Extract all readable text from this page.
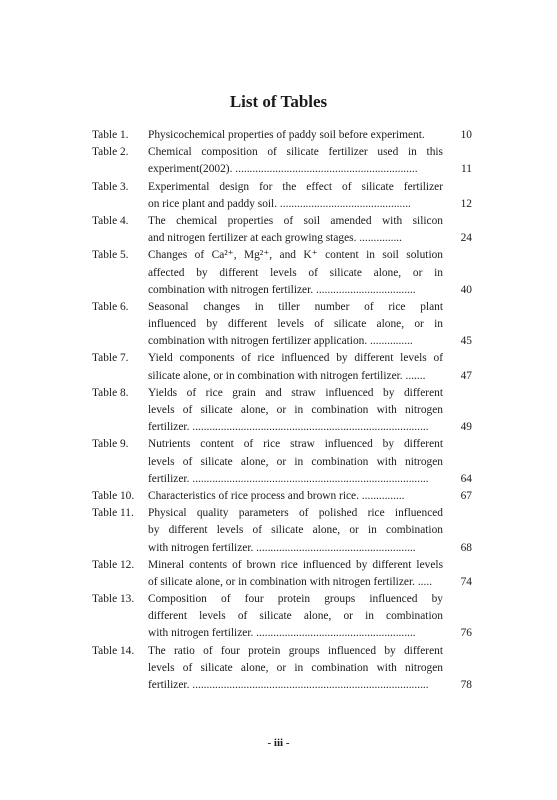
List of Tables
Table 1.	Physicochemical properties of paddy soil before experiment.	10
Table 2.	Chemical composition of silicate fertilizer used in this
experiment(2002). ................................................................	11
Table 3.	Experimental design for the effect of silicate fertilizer
on rice plant and paddy soil. ..............................................	12
Table 4.	The chemical properties of soil amended with silicon
and nitrogen fertilizer at each growing stages. ...............	24
Table 5.	Changes of Ca²⁺, Mg²⁺, and K⁺ content in soil solution
affected by different levels of silicate alone, or in
combination with nitrogen fertilizer. ...................................	40
Table 6.	Seasonal changes in tiller number of rice plant
influenced by different levels of silicate alone, or in
combination with nitrogen fertilizer application. ...............	45
Table 7.	Yield components of rice influenced by different levels of
silicate alone, or in combination with nitrogen fertilizer. .......	47
Table 8.	Yields of rice grain and straw influenced by different
levels of silicate alone, or in combination with nitrogen
fertilizer. ...................................................................................	49
Table 9.	Nutrients content of rice straw influenced by different
levels of silicate alone, or in combination with nitrogen
fertilizer. ...................................................................................	64
Table 10.	Characteristics of rice process and brown rice. ...............	67
Table 11.	Physical quality parameters of polished rice influenced
by different levels of silicate alone, or in combination
with nitrogen fertilizer. ........................................................	68
Table 12.	Mineral contents of brown rice influenced by different levels
of silicate alone, or in combination with nitrogen fertilizer. .....	74
Table 13.	Composition of four protein groups influenced by
different levels of silicate alone, or in combination
with nitrogen fertilizer. ........................................................	76
Table 14.	The ratio of four protein groups influenced by different
levels of silicate alone, or in combination with nitrogen
fertilizer. ...................................................................................	78
- iii -
